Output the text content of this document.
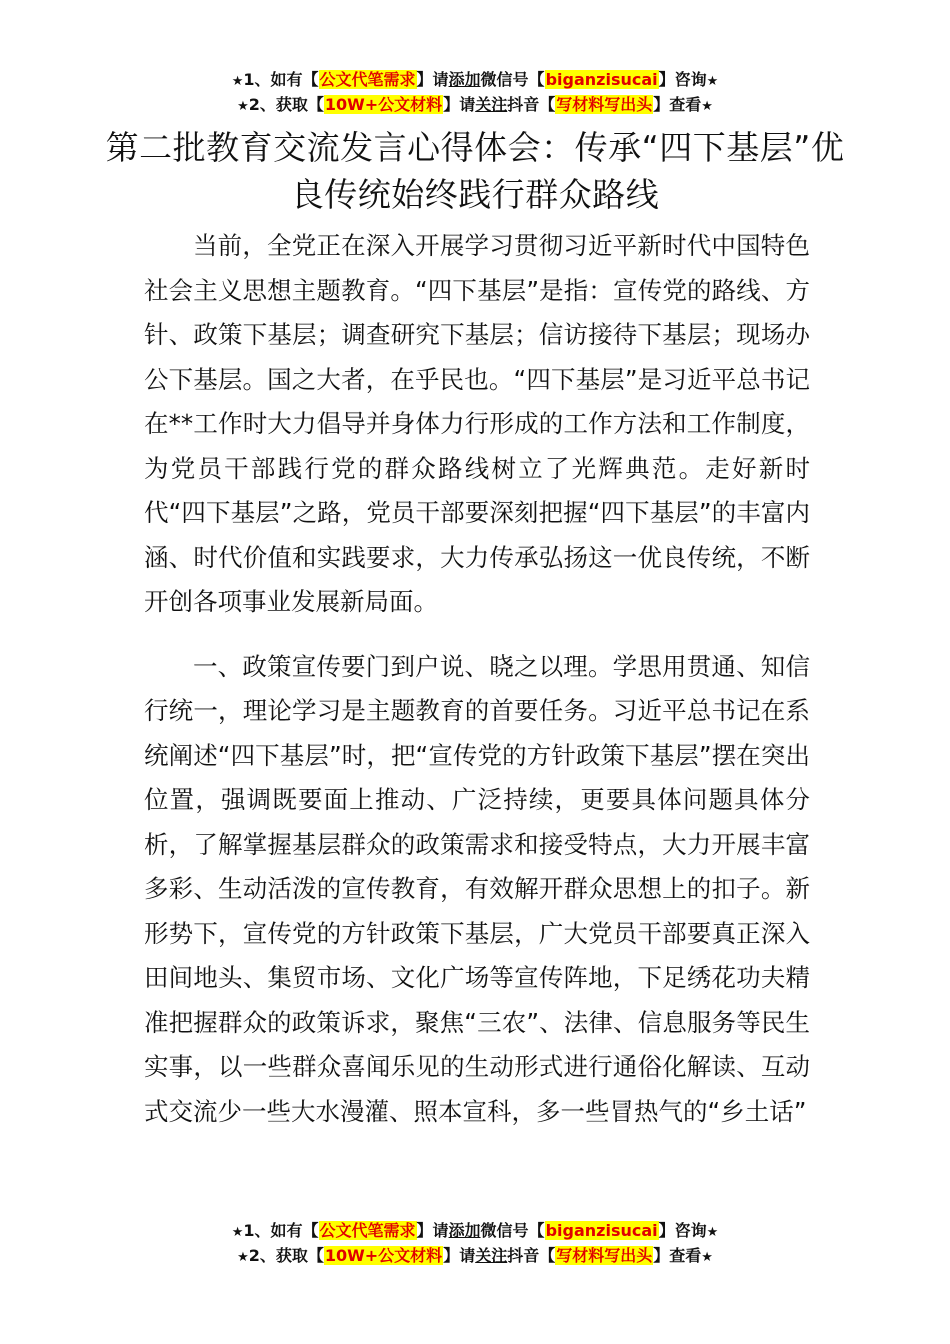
★1、如有【公文代笔需求】请添加微信号【biganzisucai】咨询★
★2、获取【10W+公文材料】请关注抖音【写材料写出头】查看★
第二批教育交流发言心得体会：传承“四下基层”优良传统始终践行群众路线

当前，全党正在深入开展学习贯彻习近平新时代中国特色社会主义思想主题教育。“四下基层”是指：宣传党的路线、方针、政策下基层；调查研究下基层；信访接待下基层；现场办公下基层。国之大者，在乎民也。“四下基层”是习近平总书记在**工作时大力倡导并身体力行形成的工作方法和工作制度，为党员干部践行党的群众路线树立了光辉典范。走好新时代“四下基层”之路，党员干部要深刻把握“四下基层”的丰富内涵、时代价值和实践要求，大力传承弘扬这一优良传统，不断开创各项事业发展新局面。

一、政策宣传要门到户说、晓之以理。学思用贯通、知信行统一，理论学习是主题教育的首要任务。习近平总书记在系统阐述“四下基层”时，把“宣传党的方针政策下基层”摆在突出位置，强调既要面上推动、广泛持续，更要具体问题具体分析，了解掌握基层群众的政策需求和接受特点，大力开展丰富多彩、生动活泼的宣传教育，有效解开群众思想上的扣子。新形势下，宣传党的方针政策下基层，广大党员干部要真正深入田间地头、集贸市场、文化广场等宣传阵地，下足绣花功夫精准把握群众的政策诉求，聚焦“三农”、法律、信息服务等民生实事，以一些群众喜闻乐见的生动形式进行通俗化解读、互动式交流少一些大水漫灌、照本宣科，多一些冒热气的“乡土话”

★1、如有【公文代笔需求】请添加微信号【biganzisucai】咨询★
★2、获取【10W+公文材料】请关注抖音【写材料写出头】查看★
